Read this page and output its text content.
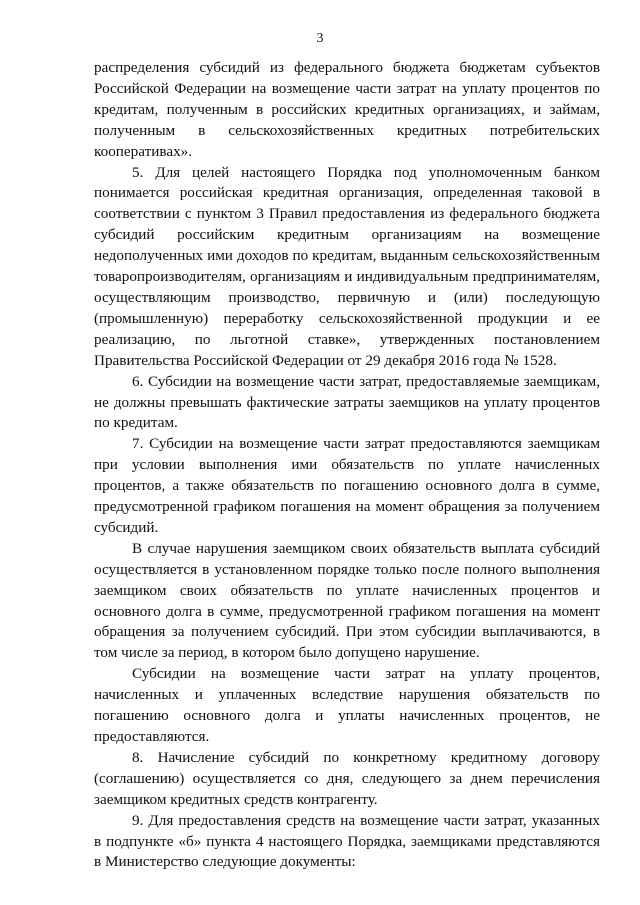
3

распределения субсидий из федерального бюджета бюджетам субъектов Российской Федерации на возмещение части затрат на уплату процентов по кредитам, полученным в российских кредитных организациях, и займам, полученным в сельскохозяйственных кредитных потребительских кооперативах».

5. Для целей настоящего Порядка под уполномоченным банком понимается российская кредитная организация, определенная таковой в соответствии с пунктом 3 Правил предоставления из федерального бюджета субсидий российским кредитным организациям на возмещение недополученных ими доходов по кредитам, выданным сельскохозяйственным товаропроизводителям, организациям и индивидуальным предпринимателям, осуществляющим производство, первичную и (или) последующую (промышленную) переработку сельскохозяйственной продукции и ее реализацию, по льготной ставке», утвержденных постановлением Правительства Российской Федерации от 29 декабря 2016 года № 1528.

6. Субсидии на возмещение части затрат, предоставляемые заемщикам, не должны превышать фактические затраты заемщиков на уплату процентов по кредитам.

7. Субсидии на возмещение части затрат предоставляются заемщикам при условии выполнения ими обязательств по уплате начисленных процентов, а также обязательств по погашению основного долга в сумме, предусмотренной графиком погашения на момент обращения за получением субсидий.

В случае нарушения заемщиком своих обязательств выплата субсидий осуществляется в установленном порядке только после полного выполнения заемщиком своих обязательств по уплате начисленных процентов и основного долга в сумме, предусмотренной графиком погашения на момент обращения за получением субсидий. При этом субсидии выплачиваются, в том числе за период, в котором было допущено нарушение.

Субсидии на возмещение части затрат на уплату процентов, начисленных и уплаченных вследствие нарушения обязательств по погашению основного долга и уплаты начисленных процентов, не предоставляются.

8. Начисление субсидий по конкретному кредитному договору (соглашению) осуществляется со дня, следующего за днем перечисления заемщиком кредитных средств контрагенту.

9. Для предоставления средств на возмещение части затрат, указанных в подпункте «б» пункта 4 настоящего Порядка, заемщиками представляются в Министерство следующие документы:
